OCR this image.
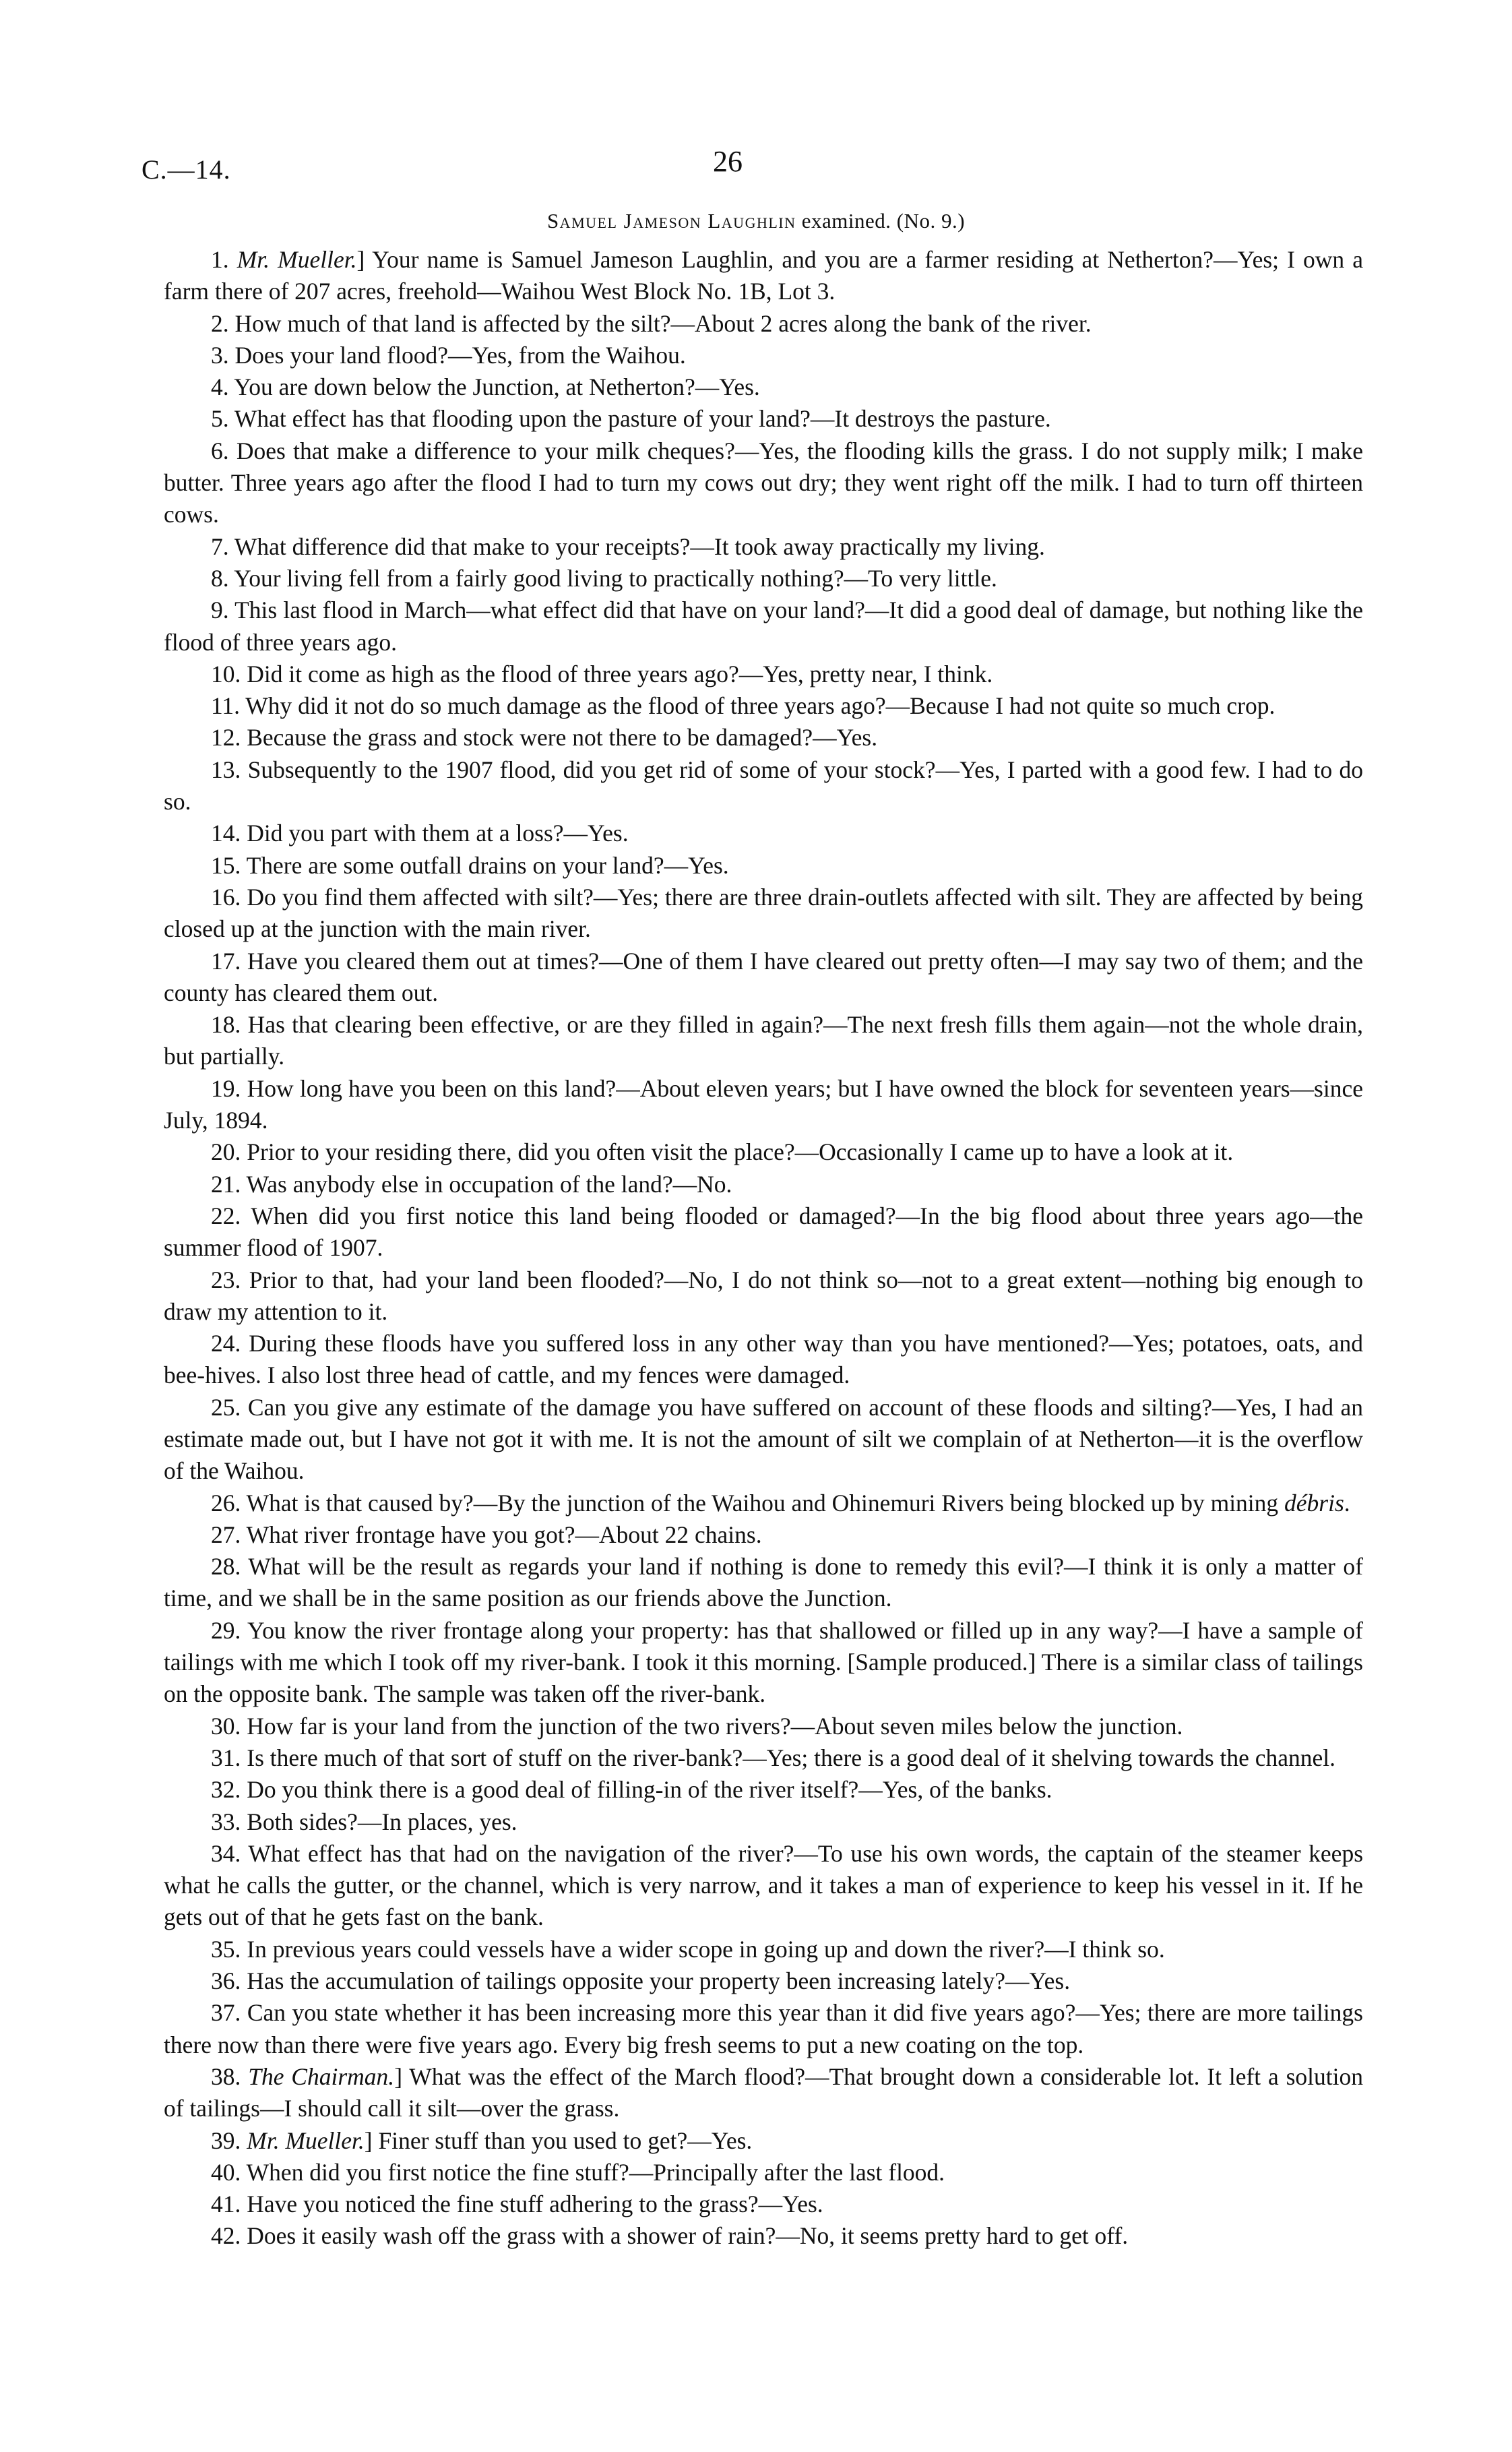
C.—14.	26
Samuel Jameson Laughlin examined. (No. 9.)

1. Mr. Mueller.] Your name is Samuel Jameson Laughlin, and you are a farmer residing at Netherton?—Yes; I own a farm there of 207 acres, freehold—Waihou West Block No. 1B, Lot 3.

2. How much of that land is affected by the silt?—About 2 acres along the bank of the river.

3. Does your land flood?—Yes, from the Waihou.

4. You are down below the Junction, at Netherton?—Yes.

5. What effect has that flooding upon the pasture of your land?—It destroys the pasture.

6. Does that make a difference to your milk cheques?—Yes, the flooding kills the grass. I do not supply milk; I make butter. Three years ago after the flood I had to turn my cows out dry; they went right off the milk. I had to turn off thirteen cows.

7. What difference did that make to your receipts?—It took away practically my living.

8. Your living fell from a fairly good living to practically nothing?—To very little.

9. This last flood in March—what effect did that have on your land?—It did a good deal of damage, but nothing like the flood of three years ago.

10. Did it come as high as the flood of three years ago?—Yes, pretty near, I think.

11. Why did it not do so much damage as the flood of three years ago?—Because I had not quite so much crop.

12. Because the grass and stock were not there to be damaged?—Yes.

13. Subsequently to the 1907 flood, did you get rid of some of your stock?—Yes, I parted with a good few. I had to do so.

14. Did you part with them at a loss?—Yes.

15. There are some outfall drains on your land?—Yes.

16. Do you find them affected with silt?—Yes; there are three drain-outlets affected with silt. They are affected by being closed up at the junction with the main river.

17. Have you cleared them out at times?—One of them I have cleared out pretty often—I may say two of them; and the county has cleared them out.

18. Has that clearing been effective, or are they filled in again?—The next fresh fills them again—not the whole drain, but partially.

19. How long have you been on this land?—About eleven years; but I have owned the block for seventeen years—since July, 1894.

20. Prior to your residing there, did you often visit the place?—Occasionally I came up to have a look at it.

21. Was anybody else in occupation of the land?—No.

22. When did you first notice this land being flooded or damaged?—In the big flood about three years ago—the summer flood of 1907.

23. Prior to that, had your land been flooded?—No, I do not think so—not to a great extent—nothing big enough to draw my attention to it.

24. During these floods have you suffered loss in any other way than you have mentioned?—Yes; potatoes, oats, and bee-hives. I also lost three head of cattle, and my fences were damaged.

25. Can you give any estimate of the damage you have suffered on account of these floods and silting?—Yes, I had an estimate made out, but I have not got it with me. It is not the amount of silt we complain of at Netherton—it is the overflow of the Waihou.

26. What is that caused by?—By the junction of the Waihou and Ohinemuri Rivers being blocked up by mining débris.

27. What river frontage have you got?—About 22 chains.

28. What will be the result as regards your land if nothing is done to remedy this evil?—I think it is only a matter of time, and we shall be in the same position as our friends above the Junction.

29. You know the river frontage along your property: has that shallowed or filled up in any way?—I have a sample of tailings with me which I took off my river-bank. I took it this morning. [Sample produced.] There is a similar class of tailings on the opposite bank. The sample was taken off the river-bank.

30. How far is your land from the junction of the two rivers?—About seven miles below the junction.

31. Is there much of that sort of stuff on the river-bank?—Yes; there is a good deal of it shelving towards the channel.

32. Do you think there is a good deal of filling-in of the river itself?—Yes, of the banks.

33. Both sides?—In places, yes.

34. What effect has that had on the navigation of the river?—To use his own words, the captain of the steamer keeps what he calls the gutter, or the channel, which is very narrow, and it takes a man of experience to keep his vessel in it. If he gets out of that he gets fast on the bank.

35. In previous years could vessels have a wider scope in going up and down the river?—I think so.

36. Has the accumulation of tailings opposite your property been increasing lately?—Yes.

37. Can you state whether it has been increasing more this year than it did five years ago?—Yes; there are more tailings there now than there were five years ago. Every big fresh seems to put a new coating on the top.

38. The Chairman.] What was the effect of the March flood?—That brought down a considerable lot. It left a solution of tailings—I should call it silt—over the grass.

39. Mr. Mueller.] Finer stuff than you used to get?—Yes.

40. When did you first notice the fine stuff?—Principally after the last flood.

41. Have you noticed the fine stuff adhering to the grass?—Yes.

42. Does it easily wash off the grass with a shower of rain?—No, it seems pretty hard to get off.
